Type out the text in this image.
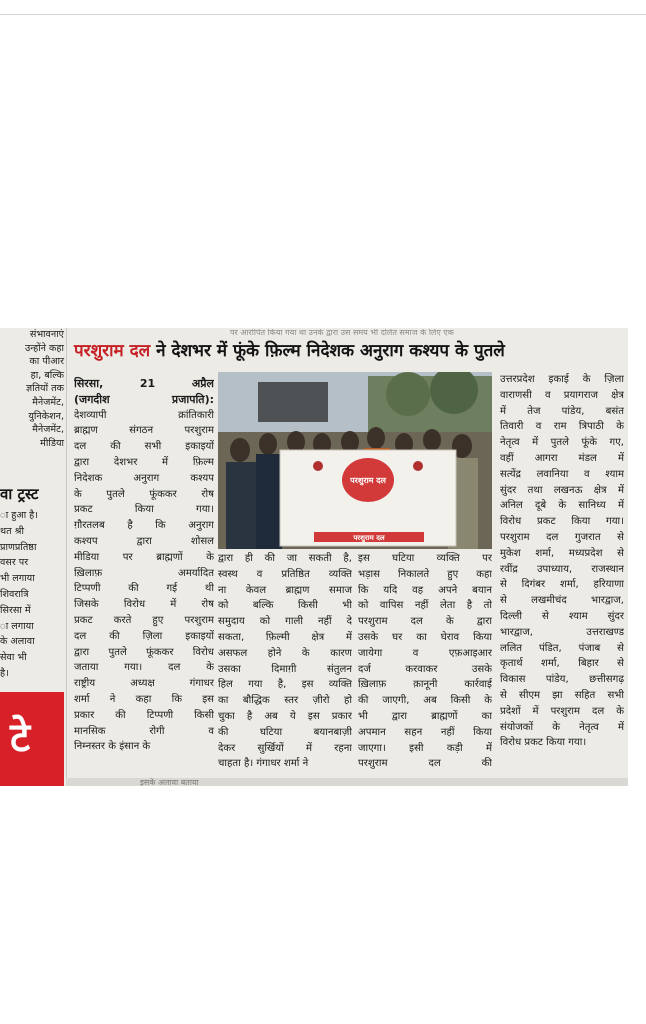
पर आरोपित किया गया था उनके द्वारा उस समय भी दलित समाज के लिए एक
संभावनाएं
उन्होंने कहा
का पीआर
हा, बल्कि
ज्ञतियों तक
मैनेजमेंट,
युनिकेशन,
मैनेजमेंट,
मीडिया
वा ट्रस्ट
ा हुआ है।
थत श्री
प्राणप्रतिष्ठा
वसर पर
भी लगाया
शिवरात्रि
सिरसा में
ा लगाया
के अलावा
सेवा भी
है।
टे
परशुराम दल ने देशभर में फूंके फ़िल्म निदेशक अनुराग कश्यप के पुतले
सिरसा, 21 अप्रैल
(जगदीश प्रजापति):
देशव्यापी क्रांतिकारी
ब्राह्मण संगठन परशुराम
दल की सभी इकाइयों
द्वारा देशभर में फ़िल्म
निदेशक अनुराग कश्यप
के पुतले फूंककर रोष
प्रकट किया गया।
ग़ौरतलब है कि अनुराग
कश्यप द्वारा शोसल
मीडिया पर ब्राह्मणों के
ख़िलाफ़ अमर्यादित
टिप्पणी की गई थी
जिसके विरोध में रोष
प्रकट करते हुए परशुराम
दल की ज़िला इकाइयों
द्वारा पुतले फूंककर विरोध
जताया गया। दल के
राष्ट्रीय अध्यक्ष गंगाधर
शर्मा ने कहा कि इस
प्रकार की टिप्पणी किसी
मानसिक रोगी व
निम्नस्तर के इंसान के
परशुराम दल
परशुराम दल
द्वारा ही की जा सकती है,
स्वस्थ व प्रतिष्ठित व्यक्ति
ना केवल ब्राह्मण समाज
को बल्कि किसी भी
समुदाय को गाली नहीं दे
सकता, फ़िल्मी क्षेत्र में
असफल होने के कारण
उसका दिमाग़ी संतुलन
हिल गया है, इस व्यक्ति
का बौद्धिक स्तर ज़ीरो हो
चुका है अब ये इस प्रकार
की घटिया बयानबाज़ी
देकर सुर्खियों में रहना
चाहता है। गंगाधर शर्मा ने
इस घटिया व्यक्ति पर
भड़ास निकालते हुए कहा
कि यदि वह अपने बयान
को वापिस नहीं लेता है तो
परशुराम दल के द्वारा
उसके घर का घेराव किया
जायेगा व एफ़आइआर
दर्ज करवाकर उसके
ख़िलाफ़ क़ानूनी कार्रवाई
की जाएगी, अब किसी के
भी द्वारा ब्राह्मणों का
अपमान सहन नहीं किया
जाएगा। इसी कड़ी में
परशुराम दल की
उत्तरप्रदेश इकाई के ज़िला
वाराणसी व प्रयागराज क्षेत्र
में तेज पांडेय, बसंत
तिवारी व राम त्रिपाठी के
नेतृत्व में पुतले फूंके गए,
वहीं आगरा मंडल में
सत्येंद्र लवानिया व श्याम
सुंदर तथा लखनऊ क्षेत्र में
अनिल दूबे के सानिध्य में
विरोध प्रकट किया गया।
परशुराम दल गुजरात से
मुकेश शर्मा, मध्यप्रदेश से
रवींद्र उपाध्याय, राजस्थान
से दिगंबर शर्मा, हरियाणा
से लखमीचंद भारद्वाज,
दिल्ली से श्याम सुंदर
भारद्वाज, उत्तराखण्ड
ललित पंडित, पंजाब से
कृतार्थ शर्मा, बिहार से
विकास पांडेय, छत्तीसगढ़
से सीएम झा सहित सभी
प्रदेशों में परशुराम दल के
संयोजकों के नेतृत्व में
विरोध प्रकट किया गया।
इसके अलावा बताया
